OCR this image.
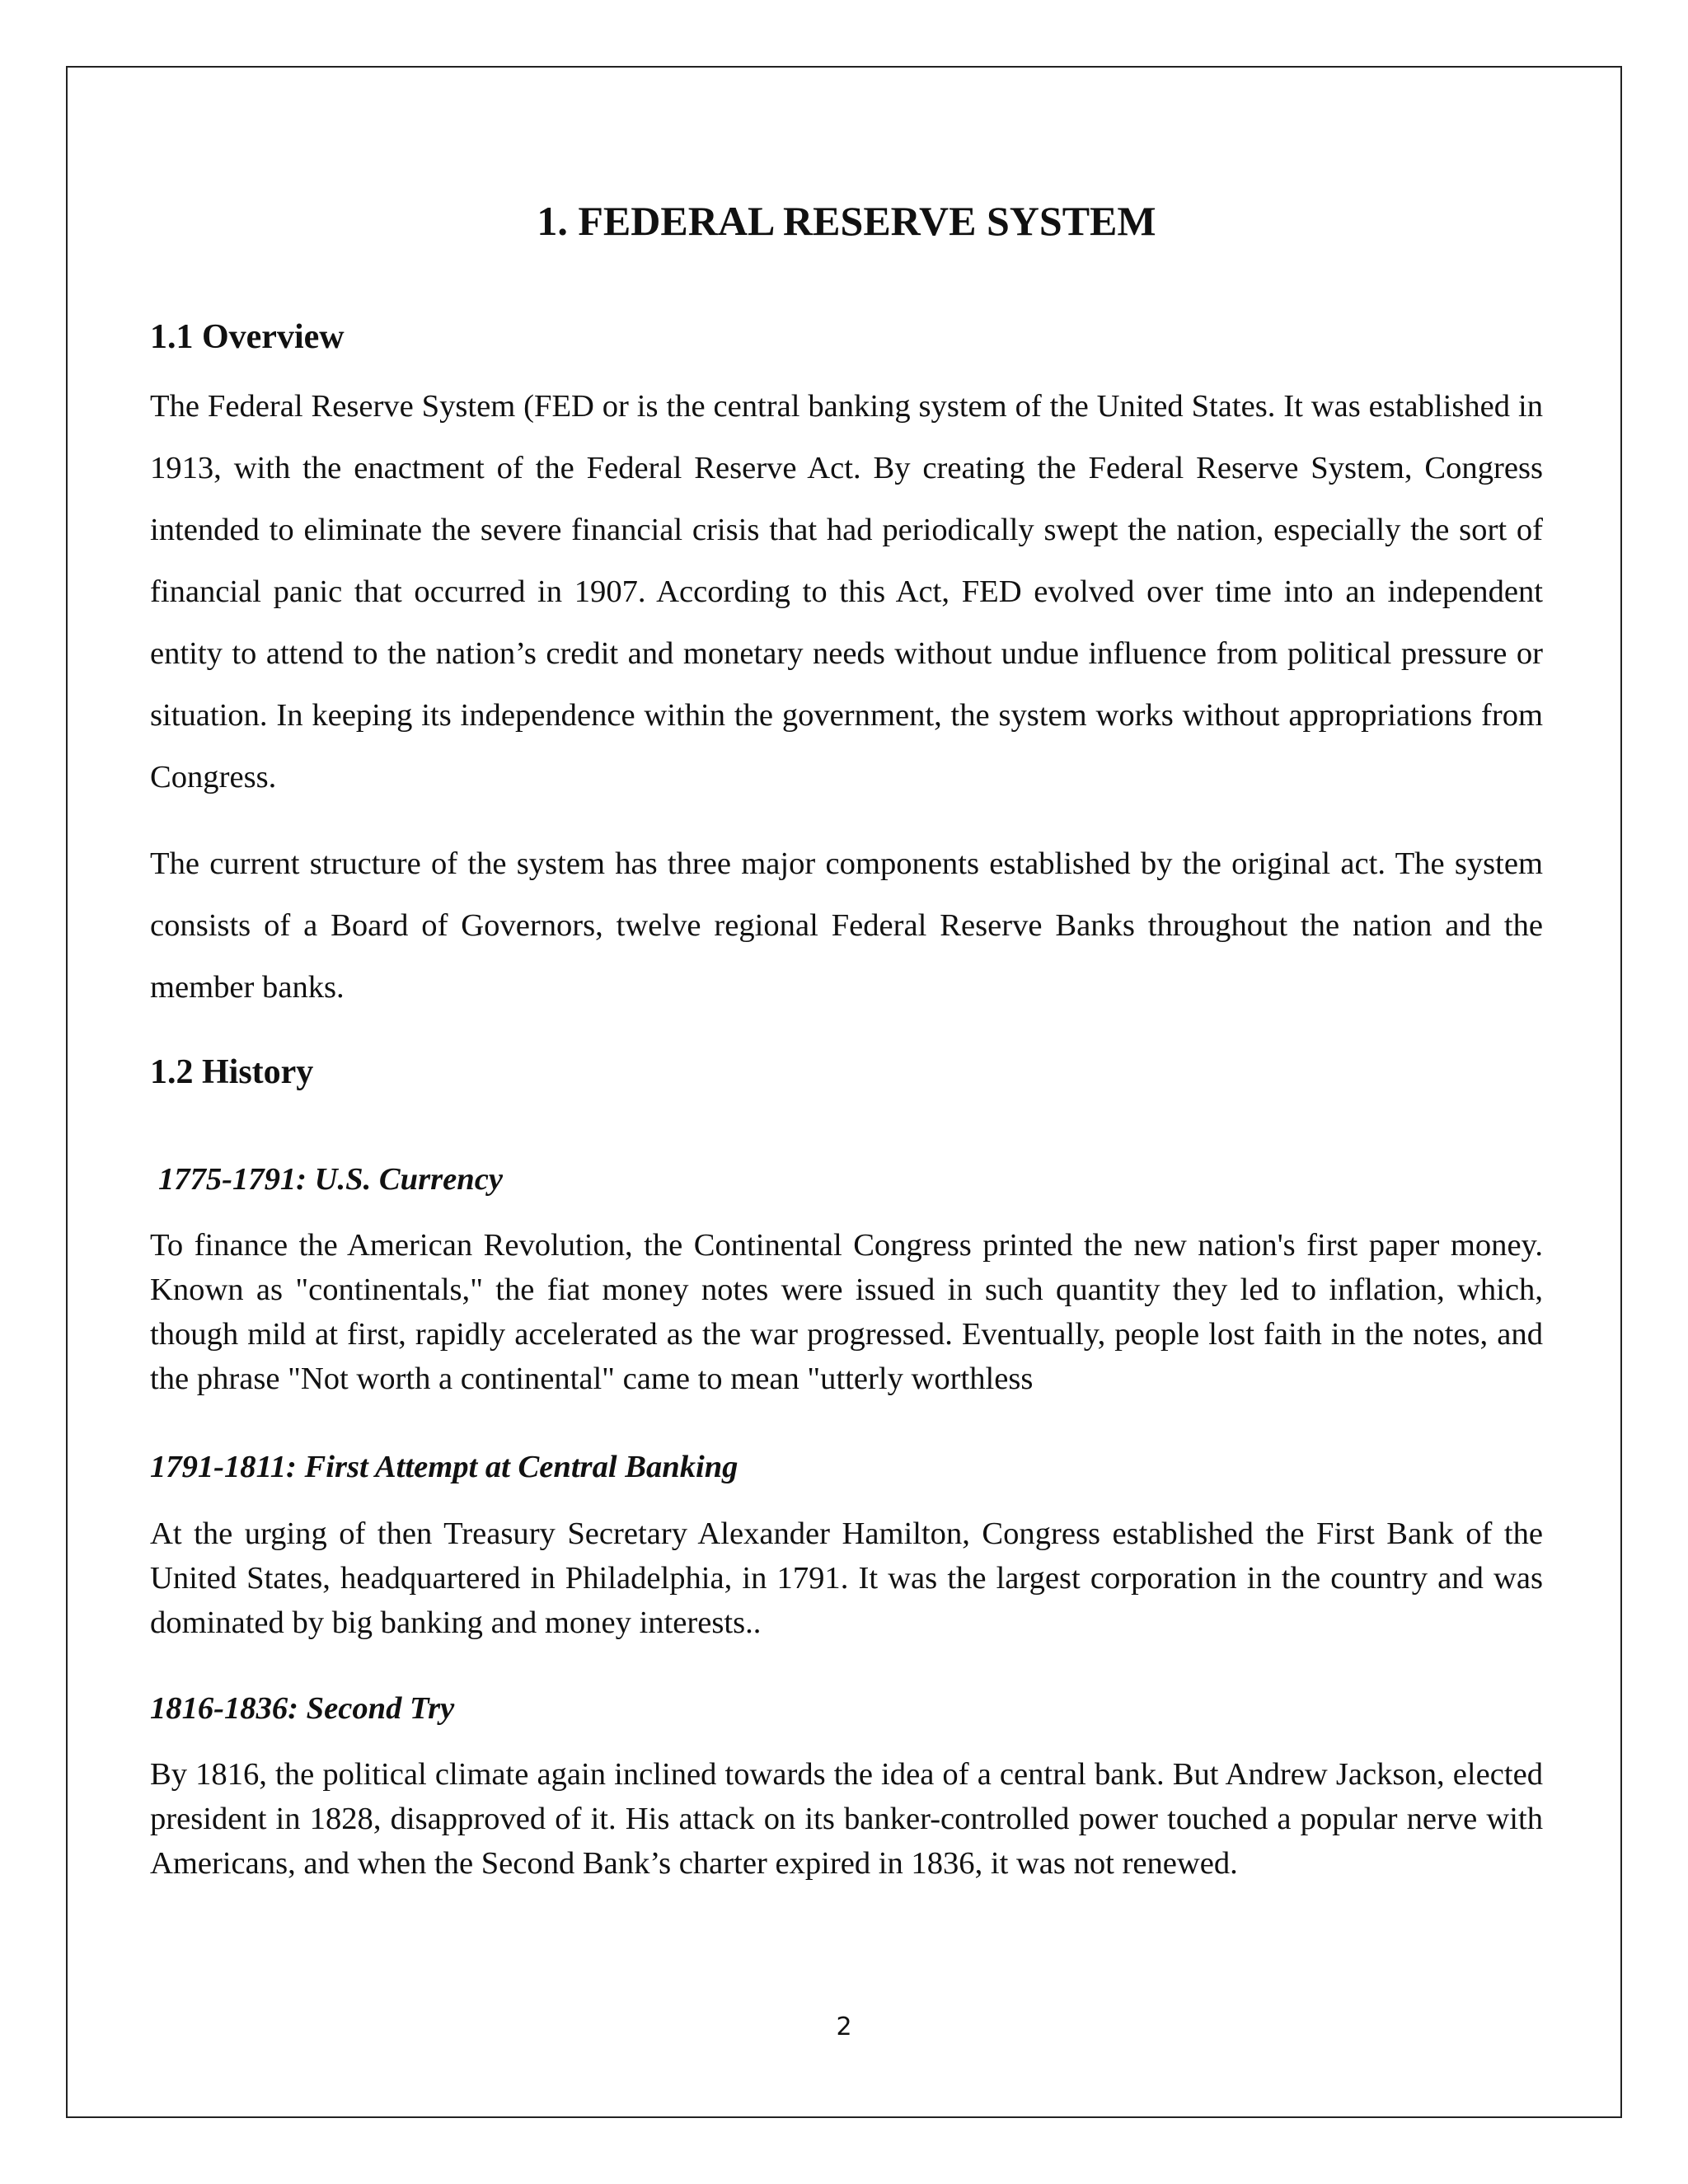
1. FEDERAL RESERVE SYSTEM
1.1 Overview

The Federal Reserve System (FED or is the central banking system of the United States. It was established in 1913, with the enactment of the Federal Reserve Act. By creating the Federal Reserve System, Congress intended to eliminate the severe financial crisis that had periodically swept the nation, especially the sort of financial panic that occurred in 1907. According to this Act, FED evolved over time into an independent entity to attend to the nation’s credit and monetary needs without undue influence from political pressure or situation. In keeping its independence within the government, the system works without appropriations from Congress.

The current structure of the system has three major components established by the original act. The system consists of a Board of Governors, twelve regional Federal Reserve Banks throughout the nation and the member banks.

1.2 History
1775-1791: U.S. Currency

To finance the American Revolution, the Continental Congress printed the new nation's first paper money. Known as "continentals," the fiat money notes were issued in such quantity they led to inflation, which, though mild at first, rapidly accelerated as the war progressed. Eventually, people lost faith in the notes, and the phrase "Not worth a continental" came to mean "utterly worthless

1791-1811: First Attempt at Central Banking

At the urging of then Treasury Secretary Alexander Hamilton, Congress established the First Bank of the United States, headquartered in Philadelphia, in 1791. It was the largest corporation in the country and was dominated by big banking and money interests..

1816-1836: Second Try

By 1816, the political climate again inclined towards the idea of a central bank. But Andrew Jackson, elected president in 1828, disapproved of it. His attack on its banker-controlled power touched a popular nerve with Americans, and when the Second Bank’s charter expired in 1836, it was not renewed.

2
